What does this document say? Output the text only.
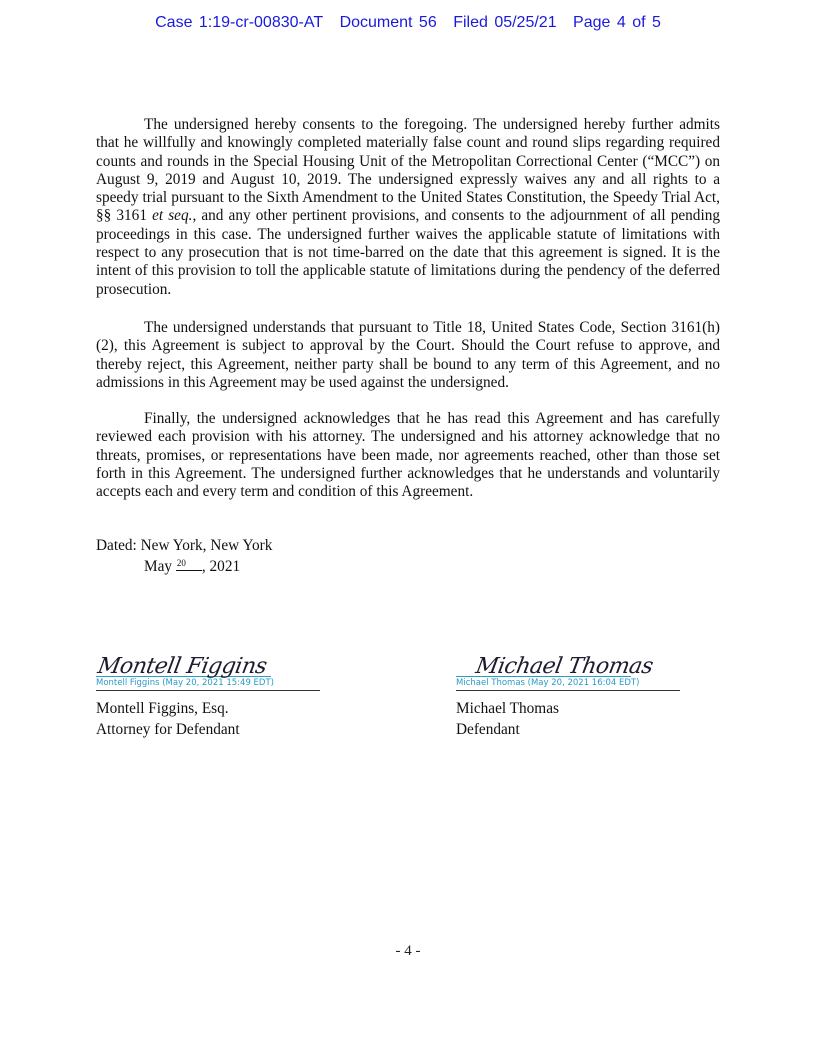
Case 1:19-cr-00830-AT Document 56 Filed 05/25/21 Page 4 of 5

The undersigned hereby consents to the foregoing. The undersigned hereby further admits that he willfully and knowingly completed materially false count and round slips regarding required counts and rounds in the Special Housing Unit of the Metropolitan Correctional Center (“MCC”) on August 9, 2019 and August 10, 2019. The undersigned expressly waives any and all rights to a speedy trial pursuant to the Sixth Amendment to the United States Constitution, the Speedy Trial Act, §§ 3161 et seq., and any other pertinent provisions, and consents to the adjournment of all pending proceedings in this case. The undersigned further waives the applicable statute of limitations with respect to any prosecution that is not time-barred on the date that this agreement is signed. It is the intent of this provision to toll the applicable statute of limitations during the pendency of the deferred prosecution.

The undersigned understands that pursuant to Title 18, United States Code, Section 3161(h)(2), this Agreement is subject to approval by the Court. Should the Court refuse to approve, and thereby reject, this Agreement, neither party shall be bound to any term of this Agreement, and no admissions in this Agreement may be used against the undersigned.

Finally, the undersigned acknowledges that he has read this Agreement and has carefully reviewed each provision with his attorney. The undersigned and his attorney acknowledge that no threats, promises, or representations have been made, nor agreements reached, other than those set forth in this Agreement. The undersigned further acknowledges that he understands and voluntarily accepts each and every term and condition of this Agreement.

Dated: New York, New York
May 20 , 2021
Montell Figgins
Montell Figgins (May 20, 2021 15:49 EDT)
Montell Figgins, Esq.
Attorney for Defendant
Michael Thomas
Michael Thomas (May 20, 2021 16:04 EDT)
Michael Thomas
Defendant
- 4 -
